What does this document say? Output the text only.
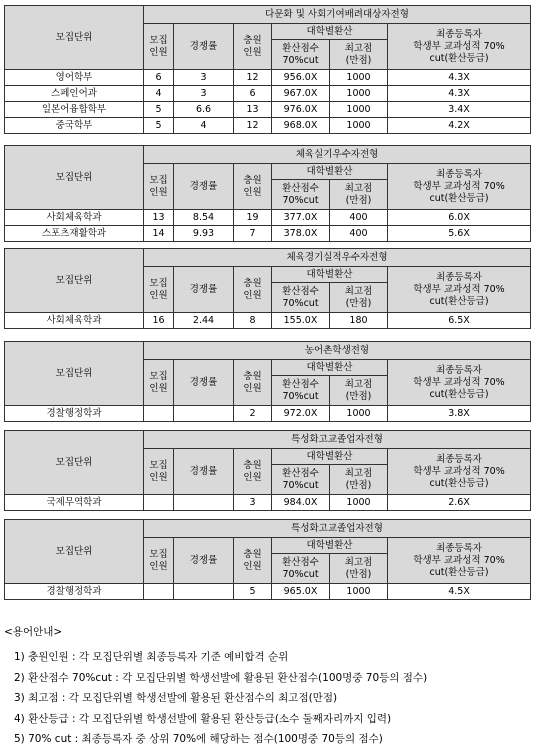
모집단위	다문화 및 사회기여배려대상자전형					
	모집
인원	경쟁률	충원
인원	대학별환산		최종등록자
학생부 교과성적 70%
cut(환산등급)
				환산점수
70%cut	최고점
(만점)	
영어학부	6	3	12	956.0X	1000	4.3X
스페인어과	4	3	6	967.0X	1000	4.3X
일본어융합학부	5	6.6	13	976.0X	1000	3.4X
중국학부	5	4	12	968.0X	1000	4.2X
모집단위	체육실기우수자전형					
	모집
인원	경쟁률	충원
인원	대학별환산		최종등록자
학생부 교과성적 70%
cut(환산등급)
				환산점수
70%cut	최고점
(만점)	
사회체육학과	13	8.54	19	377.0X	400	6.0X
스포츠재활학과	14	9.93	7	378.0X	400	5.6X
모집단위	체육경기실적우수자전형					
	모집
인원	경쟁률	충원
인원	대학별환산		최종등록자
학생부 교과성적 70%
cut(환산등급)
				환산점수
70%cut	최고점
(만점)	
사회체육학과	16	2.44	8	155.0X	180	6.5X
모집단위	농어촌학생전형					
	모집
인원	경쟁률	충원
인원	대학별환산		최종등록자
학생부 교과성적 70%
cut(환산등급)
				환산점수
70%cut	최고점
(만점)	
경찰행정학과			2	972.0X	1000	3.8X
모집단위	특성화고교졸업자전형					
	모집
인원	경쟁률	충원
인원	대학별환산		최종등록자
학생부 교과성적 70%
cut(환산등급)
				환산점수
70%cut	최고점
(만점)	
국제무역학과			3	984.0X	1000	2.6X
모집단위	특성화고교졸업자전형					
	모집
인원	경쟁률	충원
인원	대학별환산		최종등록자
학생부 교과성적 70%
cut(환산등급)
				환산점수
70%cut	최고점
(만점)	
경찰행정학과			5	965.0X	1000	4.5X
<용어안내>
1) 충원인원 : 각 모집단위별 최종등록자 기준 예비합격 순위
2) 환산점수 70%cut : 각 모집단위별 학생선발에 활용된 환산점수(100명중 70등의 점수)
3) 최고점 : 각 모집단위별 학생선발에 활용된 환산점수의 최고점(만점)
4) 환산등급 : 각 모집단위별 학생선발에 활용된 환산등급(소수 둘째자리까지 입력)
5) 70% cut : 최종등록자 중 상위 70%에 해당하는 점수(100명중 70등의 점수)
